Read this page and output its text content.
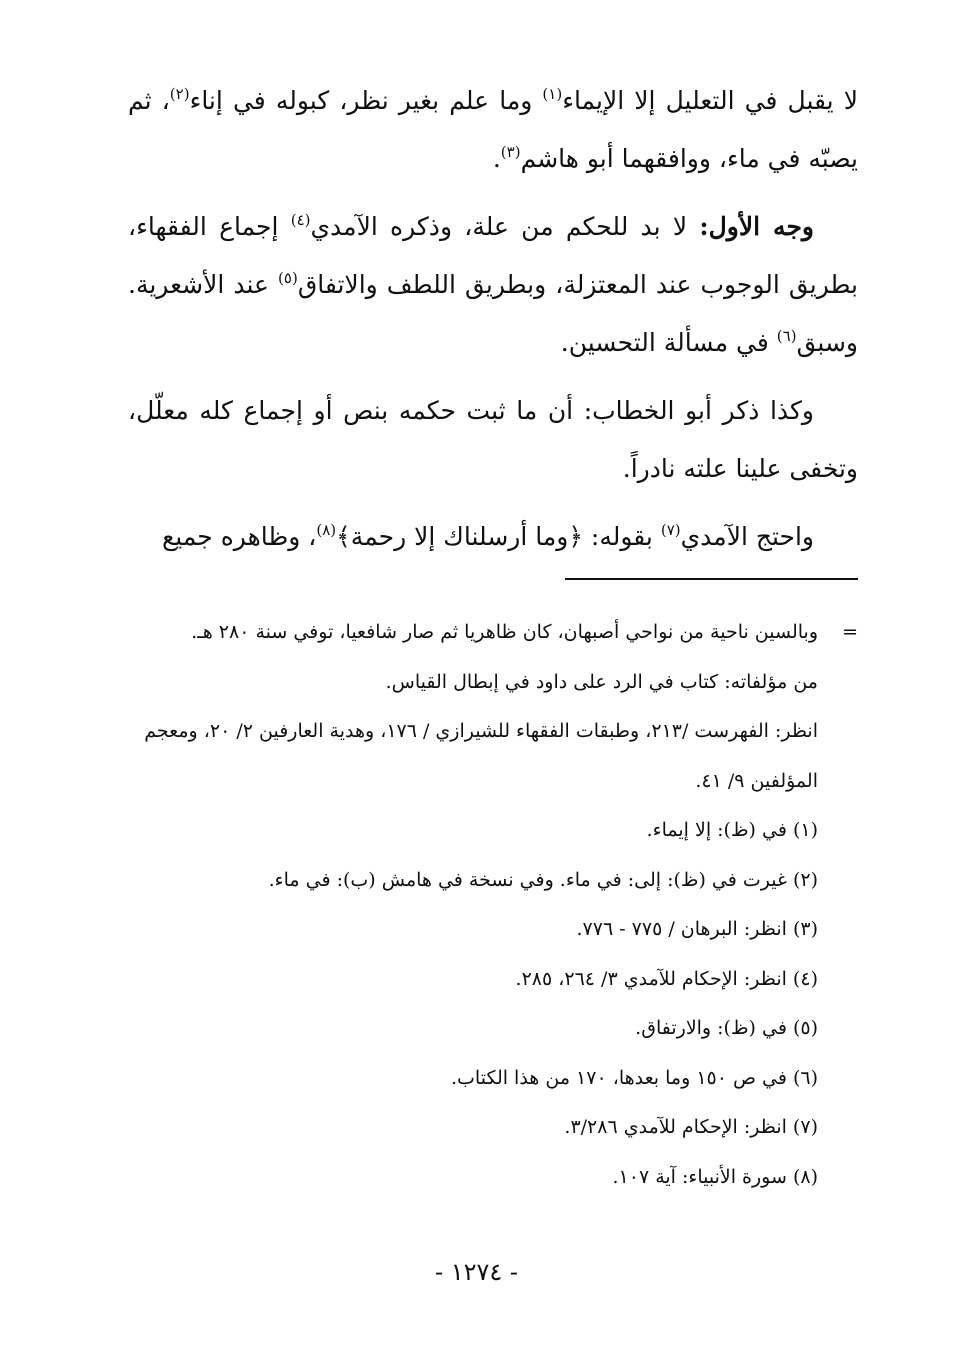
لا يقبل في التعليل إلا الإيماء$^{(١)}$ وما علم بغير نظر، كبوله في إناء$^{(٢)}$، ثم يصبّه في ماء، ووافقهما أبو هاشم$^{(٣)}$.

وجه الأول: لا بد للحكم من علة، وذكره الآمدي$^{(٤)}$ إجماع الفقهاء، بطريق الوجوب عند المعتزلة، وبطريق اللطف والاتفاق$^{(٥)}$ عند الأشعرية. وسبق$^{(٦)}$ في مسألة التحسين.

وكذا ذكر أبو الخطاب: أن ما ثبت حكمه بنص أو إجماع كله معلّل، وتخفى علينا علته نادراً.

واحتج الآمدي$^{(٧)}$ بقوله: ﴿وما أرسلناك إلا رحمة﴾$^{(٨)}$، وظاهره جميع

=
وبالسين ناحية من نواحي أصبهان، كان ظاهريا ثم صار شافعيا، توفي سنة ٢٨٠ هـ.

من مؤلفاته: كتاب في الرد على داود في إبطال القياس.

انظر: الفهرست /٢١٣، وطبقات الفقهاء للشيرازي / ١٧٦، وهدية العارفين ٢/ ٢٠، ومعجم المؤلفين ٩/ ٤١.

(١) في (ظ): إلا إيماء.

(٢) غيرت في (ظ): إلى: في ماء. وفي نسخة في هامش (ب): في ماء.

(٣) انظر: البرهان / ٧٧٥ - ٧٧٦.

(٤) انظر: الإحكام للآمدي ٣/ ٢٦٤، ٢٨٥.

(٥) في (ظ): والارتفاق.

(٦) في ص ١٥٠ وما بعدها، ١٧٠ من هذا الكتاب.

(٧) انظر: الإحكام للآمدي ٣/٢٨٦.

(٨) سورة الأنبياء: آية ١٠٧.

- ١٢٧٤ -
